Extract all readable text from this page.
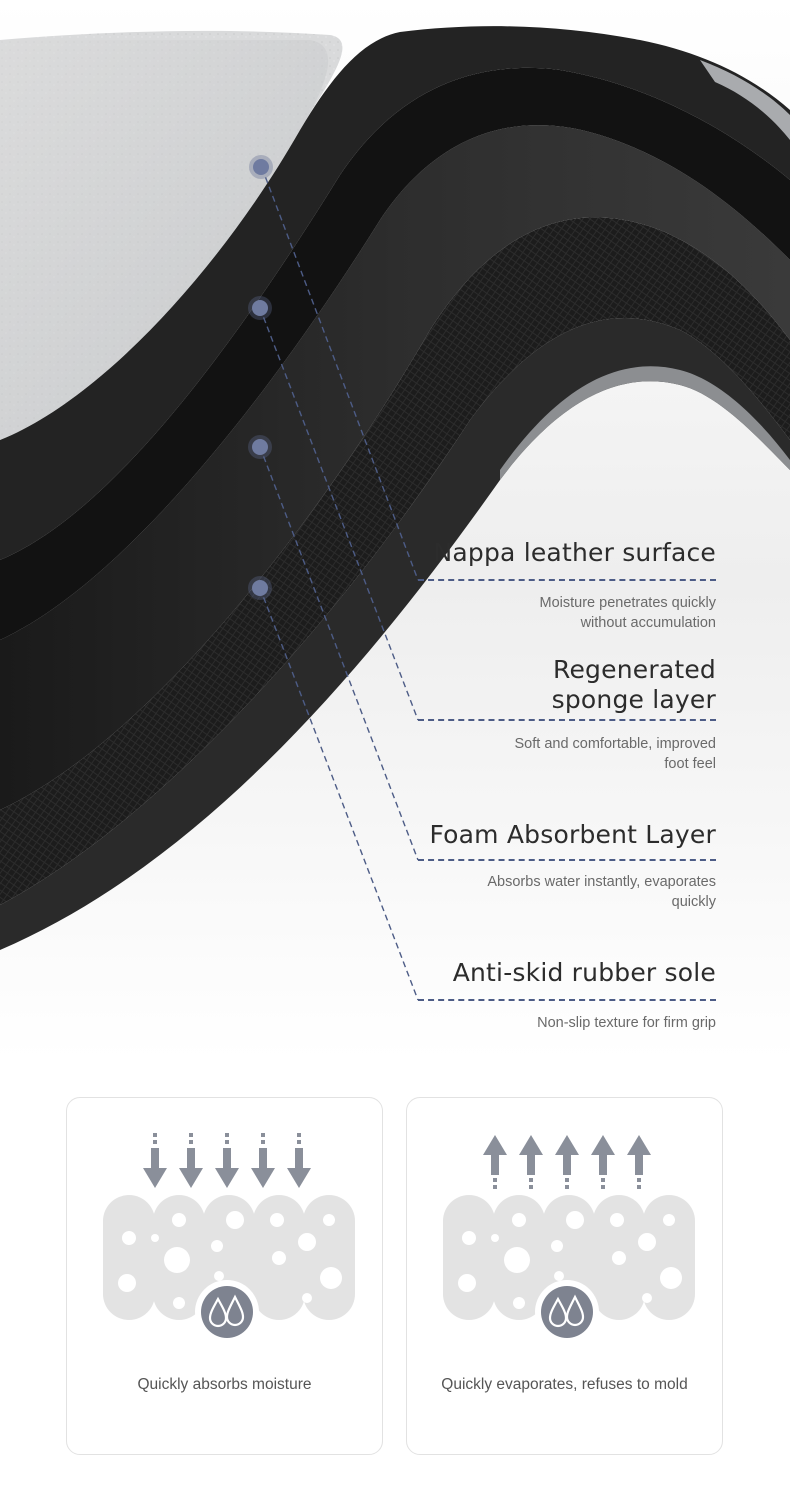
Nappa leather surface
Moisture penetrates quickly
without accumulation
Regenerated
sponge layer
Soft and comfortable, improved
foot feel
Foam Absorbent Layer
Absorbs water instantly, evaporates
quickly
Anti-skid rubber sole
Non-slip texture for firm grip
Quickly absorbs moisture	Quickly evaporates, refuses to mold
